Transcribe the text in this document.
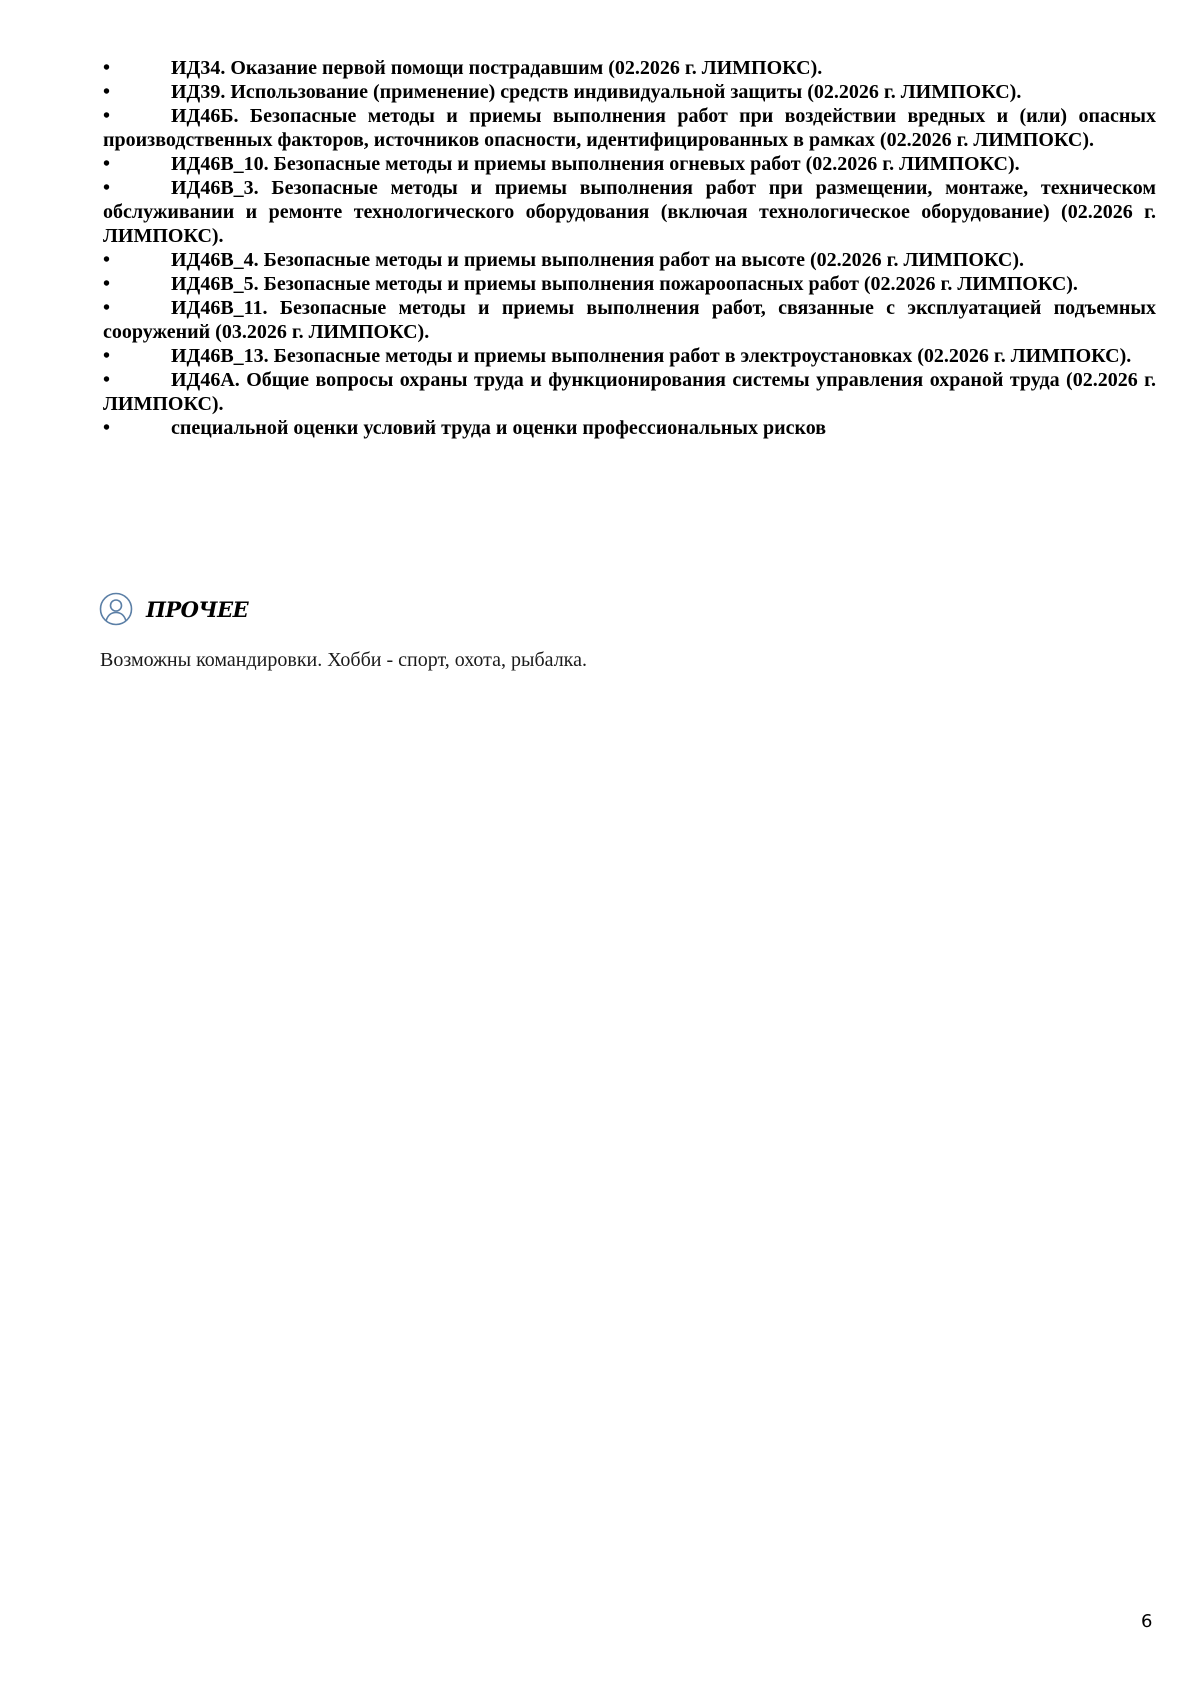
•	ИД34. Оказание первой помощи пострадавшим (02.2026 г. ЛИМПОКС).
•	ИД39. Использование (применение) средств индивидуальной защиты (02.2026 г. ЛИМПОКС).
•	ИД46Б. Безопасные методы и приемы выполнения работ при воздействии вредных и (или) опасных производственных факторов, источников опасности, идентифицированных в рамках (02.2026 г. ЛИМПОКС).
•	ИД46В_10. Безопасные методы и приемы выполнения огневых работ (02.2026 г. ЛИМПОКС).
•	ИД46В_3. Безопасные методы и приемы выполнения работ при размещении, монтаже, техническом обслуживании и ремонте технологического оборудования (включая технологическое оборудование) (02.2026 г. ЛИМПОКС).
•	ИД46В_4. Безопасные методы и приемы выполнения работ на высоте (02.2026 г. ЛИМПОКС).
•	ИД46В_5. Безопасные методы и приемы выполнения пожароопасных работ (02.2026 г. ЛИМПОКС).
•	ИД46В_11. Безопасные методы и приемы выполнения работ, связанные с эксплуатацией подъемных сооружений (03.2026 г. ЛИМПОКС).
•	ИД46В_13. Безопасные методы и приемы выполнения работ в электроустановках (02.2026 г. ЛИМПОКС).
•	ИД46А. Общие вопросы охраны труда и функционирования системы управления охраной труда (02.2026 г. ЛИМПОКС).
•	специальной оценки условий труда и оценки профессиональных рисков
ПРОЧЕЕ
Возможны командировки. Хобби - спорт, охота, рыбалка.
6
